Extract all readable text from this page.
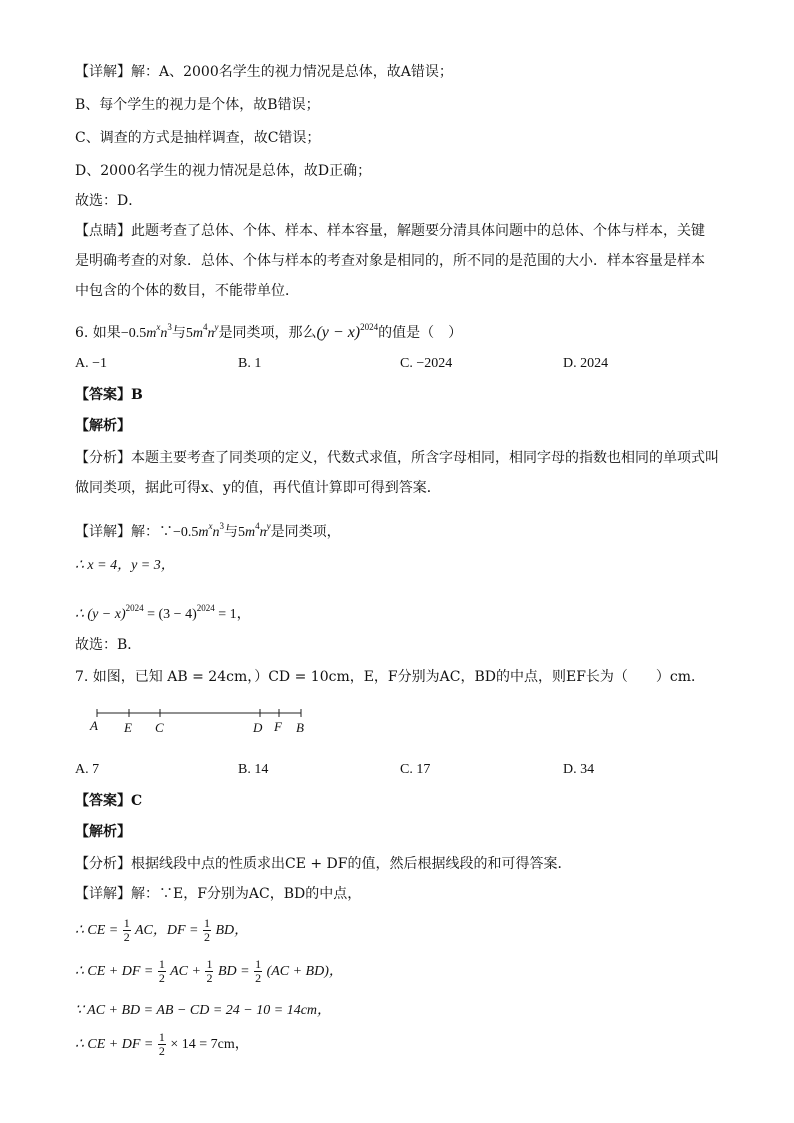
【详解】解：A、2000名学生的视力情况是总体，故A错误；
B、每个学生的视力是个体，故B错误；
C、调查的方式是抽样调查，故C错误；
D、2000名学生的视力情况是总体，故D正确；
故选：D．
【点睛】此题考查了总体、个体、样本、样本容量，解题要分清具体问题中的总体、个体与样本，关键
是明确考查的对象．总体、个体与样本的考查对象是相同的，所不同的是范围的大小．样本容量是样本
中包含的个体的数目，不能带单位．
6. 如果$-0.5m^xn^3$与$5m^4n^y$是同类项，那么$(y - x)^{2024}$的值是（　）
A. −1	B. 1	C. −2024	D. 2024
【答案】B
【解析】
【分析】本题主要考查了同类项的定义，代数式求值，所含字母相同，相同字母的指数也相同的单项式叫
做同类项，据此可得x、y的值，再代值计算即可得到答案．
【详解】解：$\because-0.5m^xn^3$与$5m^4n^y$是同类项，
∴ x = 4，y = 3，
∴ $(y - x)^{2024} = (3 - 4)^{2024} = 1$，
故选：B．
7. 如图，已知 AB = 24cm，）CD = 10cm，E，F分别为AC，BD的中点，则EF长为（　　）cm．
A E C	D F B
A. 7	B. 14	C. 17	D. 34
【答案】C
【解析】
【分析】根据线段中点的性质求出CE + DF的值，然后根据线段的和可得答案．
【详解】解：∵E，F分别为AC，BD的中点，
∴ CE = $\frac{1}{2}$ AC，DF = $\frac{1}{2}$ BD，
∴ CE + DF = $\frac{1}{2}$ AC + $\frac{1}{2}$ BD = $\frac{1}{2} (AC + BD)$，
∵ AC + BD = AB − CD = 24 − 10 = 14cm，
∴ CE + DF = $\frac{1}{2} \times 14 = 7cm$，
